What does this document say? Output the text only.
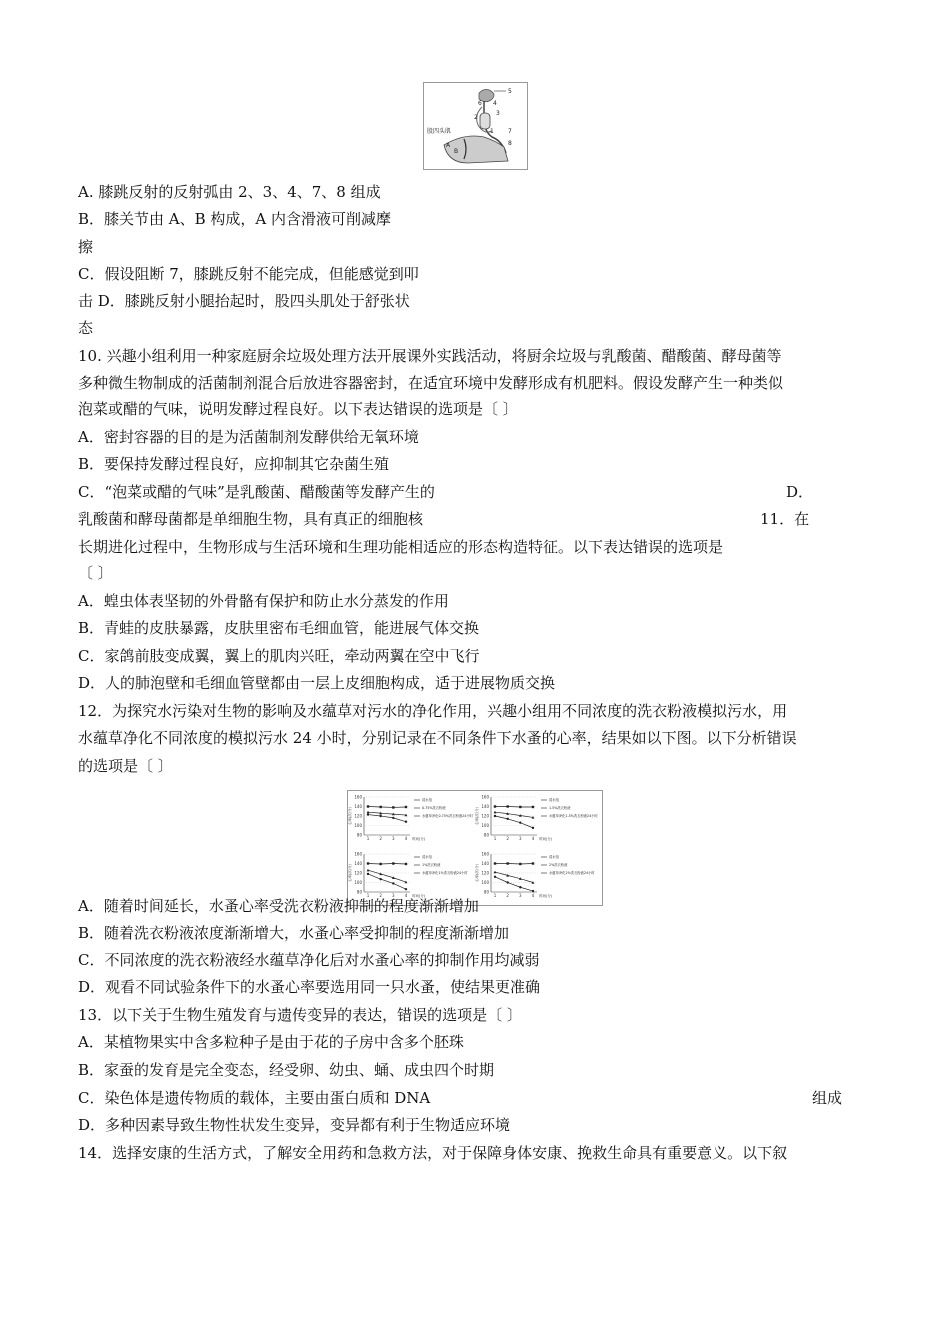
股四头肌
A
B
1
2
3
4
5
6
7
8
A. 膝跳反射的反射弧由 2、3、4、7、8 组成
B．膝关节由 A、B 构成，A 内含滑液可削减摩
擦
C．假设阻断 7，膝跳反射不能完成，但能感觉到叩
击 D．膝跳反射小腿抬起时，股四头肌处于舒张状
态
10. 兴趣小组利用一种家庭厨余垃圾处理方法开展课外实践活动，将厨余垃圾与乳酸菌、醋酸菌、酵母菌等
多种微生物制成的活菌制剂混合后放进容器密封，在适宜环境中发酵形成有机肥料。假设发酵产生一种类似
泡菜或醋的气味，说明发酵过程良好。以下表达错误的选项是〔 〕
A．密封容器的目的是为活菌制剂发酵供给无氧环境
B．要保持发酵过程良好，应抑制其它杂菌生殖
C．“泡菜或醋的气味”是乳酸菌、醋酸菌等发酵产生的	D．
乳酸菌和酵母菌都是单细胞生物，具有真正的细胞核	11．在
长期进化过程中，生物形成与生活环境和生理功能相适应的形态构造特征。以下表达错误的选项是
〔 〕
A．蝗虫体表坚韧的外骨骼有保护和防止水分蒸发的作用
B．青蛙的皮肤暴露，皮肤里密布毛细血管，能进展气体交换
C．家鸽前肢变成翼，翼上的肌肉兴旺，牵动两翼在空中飞行
D．人的肺泡壁和毛细血管壁都由一层上皮细胞构成，适于进展物质交换
12．为探究水污染对生物的影响及水蕴草对污水的净化作用，兴趣小组用不同浓度的洗衣粉液模拟污水，用
水蕴草净化不同浓度的模拟污水 24 小时，分别记录在不同条件下水蚤的心率，结果如以下图。以下分析错误
的选项是〔 〕
160
140
120
100
80
1	2	3	4 时间(分)
心率(次/分)
清水组
0.75%洗衣粉液
水蕴草净化0.75%洗衣粉液24小时
160
140
120
100
80
1	2	3	4 时间(分)
心率(次/分)
清水组
1.5%洗衣粉液
水蕴草净化1.5%洗衣粉液24小时
160
140
120
100
80
1	2	3	4 时间(分)
心率(次/分)
清水组
1%洗衣粉液
水蕴草净化1%洗衣粉液24小时
160
140
120
100
80
1	2	3	4 时间(分)
心率(次/分)
清水组
2%洗衣粉液
水蕴草净化2%洗衣粉液24小时
A．随着时间延长，水蚤心率受洗衣粉液抑制的程度渐渐增加
B．随着洗衣粉液浓度渐渐增大，水蚤心率受抑制的程度渐渐增加
C．不同浓度的洗衣粉液经水蕴草净化后对水蚤心率的抑制作用均减弱
D．观看不同试验条件下的水蚤心率要选用同一只水蚤，使结果更准确
13．以下关于生物生殖发育与遗传变异的表达，错误的选项是〔 〕
A．某植物果实中含多粒种子是由于花的子房中含多个胚珠
B．家蚕的发育是完全变态，经受卵、幼虫、蛹、成虫四个时期
C．染色体是遗传物质的载体，主要由蛋白质和 DNA	组成
D．多种因素导致生物性状发生变异，变异都有利于生物适应环境
14．选择安康的生活方式，了解安全用药和急救方法，对于保障身体安康、挽救生命具有重要意义。以下叙
